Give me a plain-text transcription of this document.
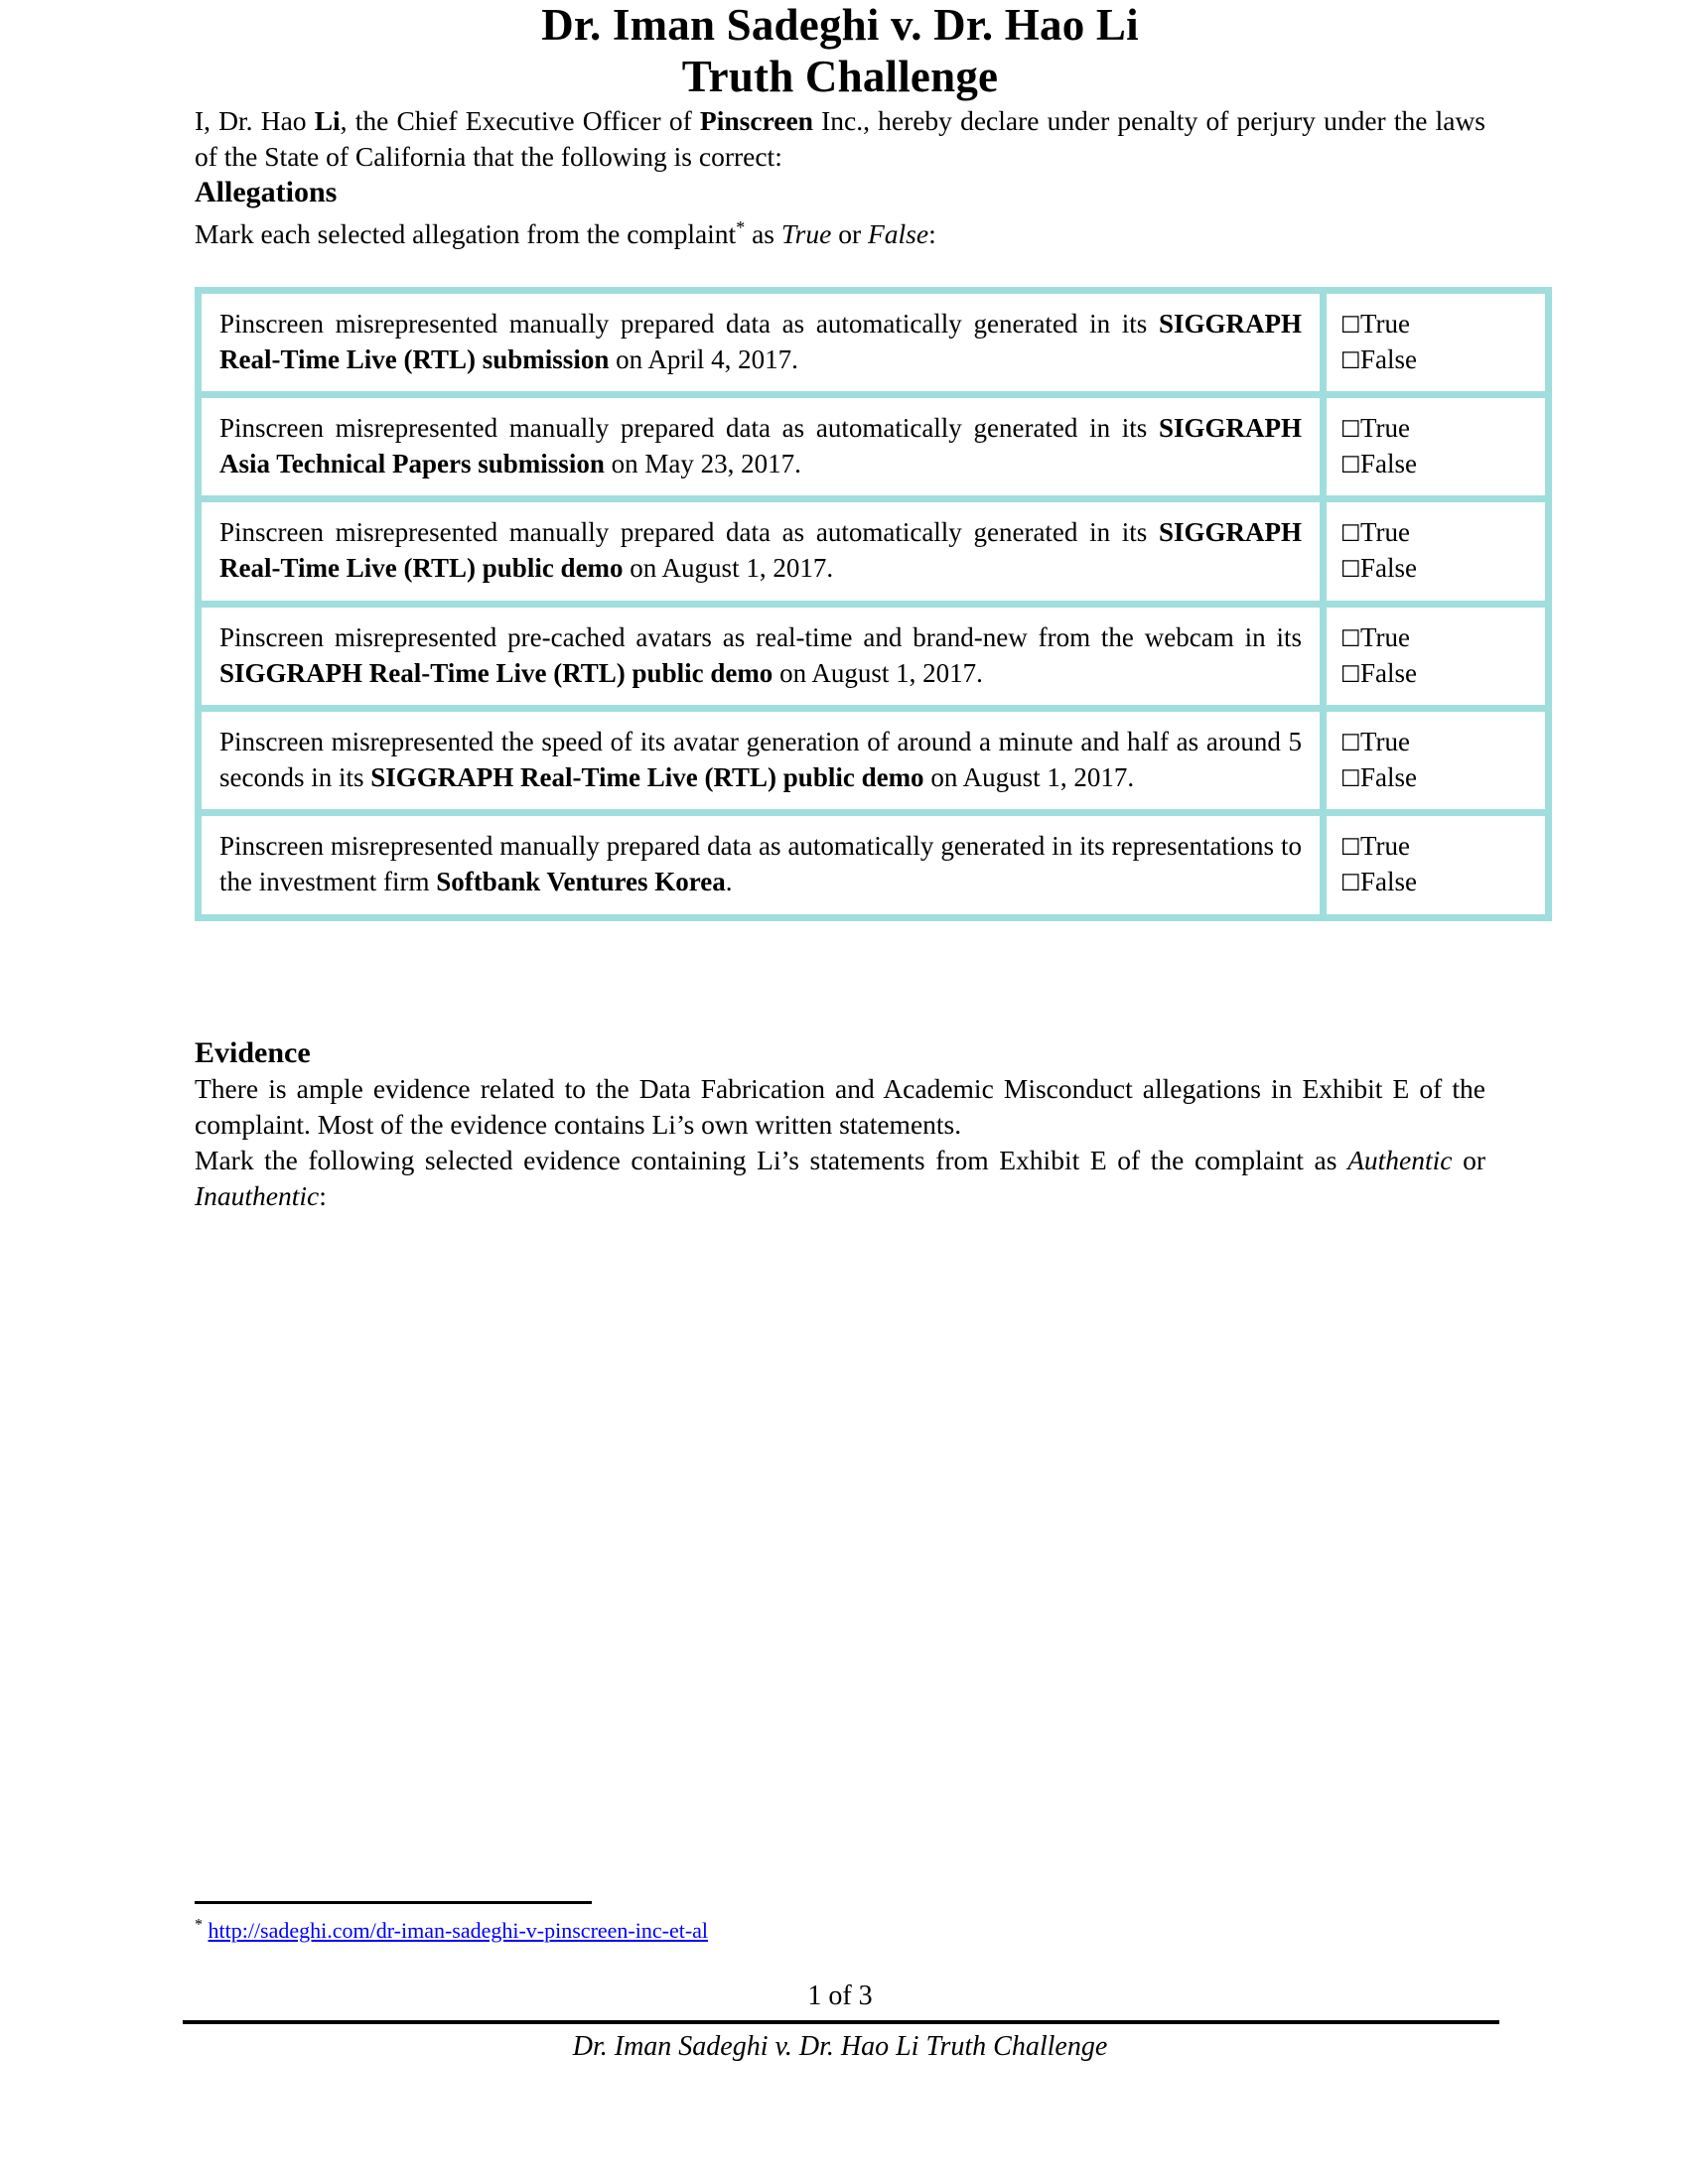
Dr. Iman Sadeghi v. Dr. Hao Li
Truth Challenge

I, Dr. Hao Li, the Chief Executive Officer of Pinscreen Inc., hereby declare under penalty of perjury under the laws of the State of California that the following is correct:

Allegations

Mark each selected allegation from the complaint* as True or False:

Pinscreen misrepresented manually prepared data as automatically generated in its SIGGRAPH Real-Time Live (RTL) submission on April 4, 2017.	☐True
☐False

Pinscreen misrepresented manually prepared data as automatically generated in its SIGGRAPH Asia Technical Papers submission on May 23, 2017.	☐True
☐False

Pinscreen misrepresented manually prepared data as automatically generated in its SIGGRAPH Real-Time Live (RTL) public demo on August 1, 2017.	☐True
☐False

Pinscreen misrepresented pre-cached avatars as real-time and brand-new from the webcam in its SIGGRAPH Real-Time Live (RTL) public demo on August 1, 2017.	☐True
☐False

Pinscreen misrepresented the speed of its avatar generation of around a minute and half as around 5 seconds in its SIGGRAPH Real-Time Live (RTL) public demo on August 1, 2017.	☐True
☐False

Pinscreen misrepresented manually prepared data as automatically generated in its representations to the investment firm Softbank Ventures Korea.	☐True
☐False
Evidence

There is ample evidence related to the Data Fabrication and Academic Misconduct allegations in Exhibit E of the complaint. Most of the evidence contains Li’s own written statements.

Mark the following selected evidence containing Li’s statements from Exhibit E of the complaint as Authentic or Inauthentic:

* http://sadeghi.com/dr-iman-sadeghi-v-pinscreen-inc-et-al
1 of 3
Dr. Iman Sadeghi v. Dr. Hao Li Truth Challenge
